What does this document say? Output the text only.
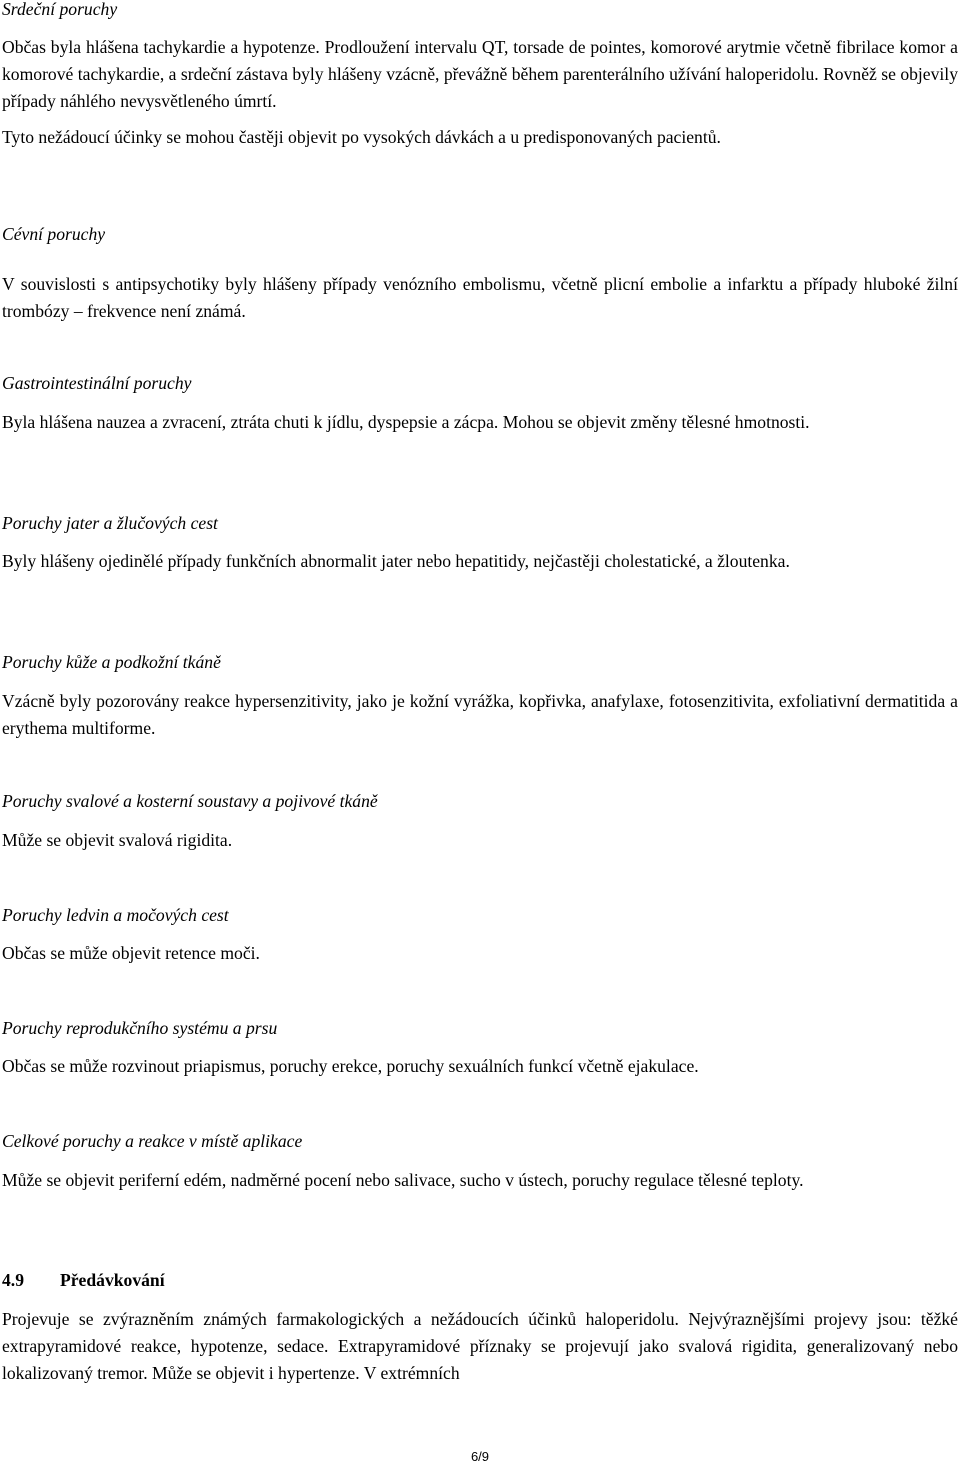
Srdeční poruchy

Občas byla hlášena tachykardie a hypotenze. Prodloužení intervalu QT, torsade de pointes, komorové arytmie včetně fibrilace komor a komorové tachykardie, a srdeční zástava byly hlášeny vzácně, převážně během parenterálního užívání haloperidolu. Rovněž se objevily případy náhlého nevysvětleného úmrtí.

Tyto nežádoucí účinky se mohou častěji objevit po vysokých dávkách a u predisponovaných pacientů.

Cévní poruchy

V souvislosti s antipsychotiky byly hlášeny případy venózního embolismu, včetně plicní embolie a infarktu a případy hluboké žilní trombózy – frekvence není známá.

Gastrointestinální poruchy

Byla hlášena nauzea a zvracení, ztráta chuti k jídlu, dyspepsie a zácpa. Mohou se objevit změny tělesné hmotnosti.

Poruchy jater a žlučových cest

Byly hlášeny ojedinělé případy funkčních abnormalit jater nebo hepatitidy, nejčastěji cholestatické, a žloutenka.

Poruchy kůže a podkožní tkáně

Vzácně byly pozorovány reakce hypersenzitivity, jako je kožní vyrážka, kopřivka, anafylaxe, fotosenzitivita, exfoliativní dermatitida a erythema multiforme.

Poruchy svalové a kosterní soustavy a pojivové tkáně

Může se objevit svalová rigidita.

Poruchy ledvin a močových cest

Občas se může objevit retence moči.

Poruchy reprodukčního systému a prsu

Občas se může rozvinout priapismus, poruchy erekce, poruchy sexuálních funkcí včetně ejakulace.

Celkové poruchy a reakce v místě aplikace

Může se objevit periferní edém, nadměrné pocení nebo salivace, sucho v ústech, poruchy regulace tělesné teploty.

4.9 Předávkování

Projevuje se zvýrazněním známých farmakologických a nežádoucích účinků haloperidolu. Nejvýraznějšími projevy jsou: těžké extrapyramidové reakce, hypotenze, sedace. Extrapyramidové příznaky se projevují jako svalová rigidita, generalizovaný nebo lokalizovaný tremor. Může se objevit i hypertenze. V extrémních

6/9
